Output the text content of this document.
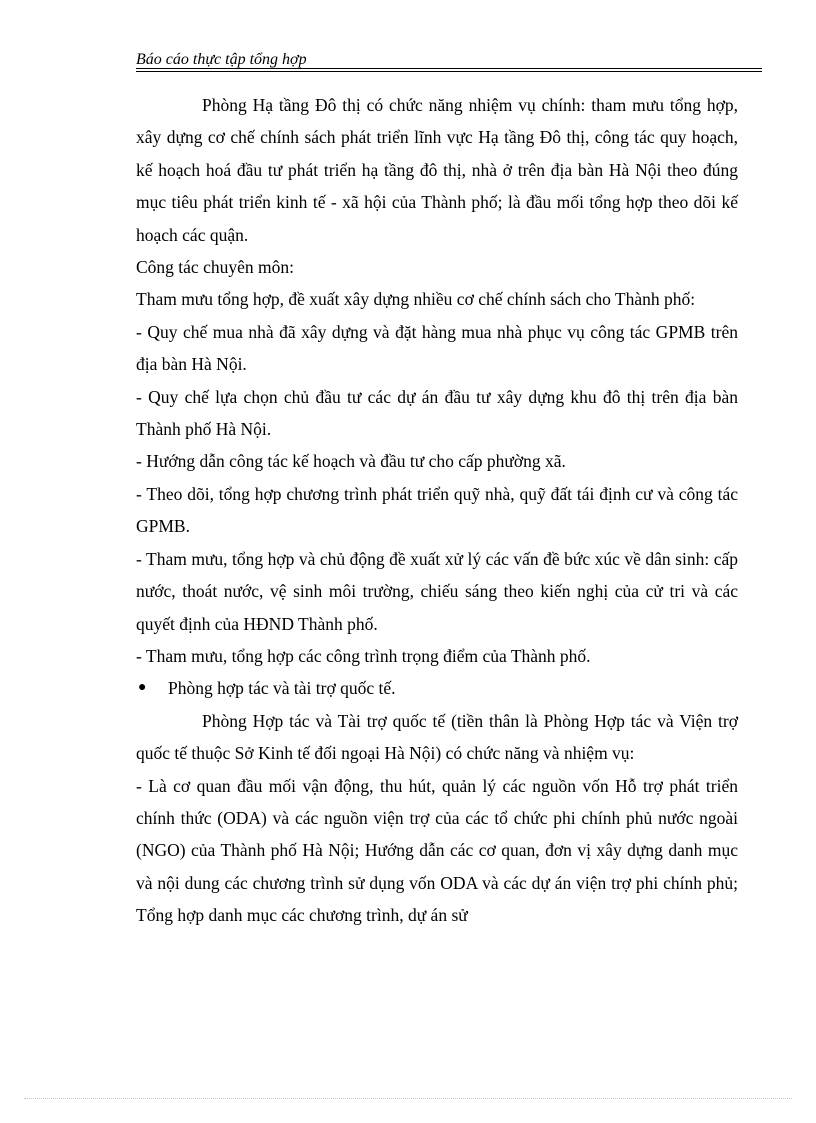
Báo cáo thực tập tổng hợp

Phòng Hạ tầng Đô thị có chức năng nhiệm vụ chính: tham mưu tổng hợp, xây dựng cơ chế chính sách phát triển lĩnh vực Hạ tầng Đô thị, công tác quy hoạch, kế hoạch hoá đầu tư phát triển hạ tầng đô thị, nhà ở trên địa bàn Hà Nội theo đúng mục tiêu phát triển kinh tế - xã hội của Thành phố; là đầu mối tổng hợp theo dõi kế hoạch các quận.

Công tác chuyên môn:

Tham mưu tổng hợp, đề xuất xây dựng nhiều cơ chế chính sách cho Thành phố:

- Quy chế mua nhà đã xây dựng và đặt hàng mua nhà phục vụ công tác GPMB trên địa bàn Hà Nội.

- Quy chế lựa chọn chủ đầu tư các dự án đầu tư xây dựng khu đô thị trên địa bàn Thành phố Hà Nội.

- Hướng dẫn công tác kế hoạch và đầu tư cho cấp phường xã.

- Theo dõi, tổng hợp chương trình phát triển quỹ nhà, quỹ đất tái định cư và công tác GPMB.

- Tham mưu, tổng hợp và chủ động đề xuất xử lý các vấn đề bức xúc về dân sinh: cấp nước, thoát nước, vệ sinh môi trường, chiếu sáng theo kiến nghị của cử tri và các quyết định của HĐND Thành phố.

- Tham mưu, tổng hợp các công trình trọng điểm của Thành phố.

● Phòng hợp tác và tài trợ quốc tế.

Phòng Hợp tác và Tài trợ quốc tế (tiền thân là Phòng Hợp tác và Viện trợ quốc tế thuộc Sở Kinh tế đối ngoại Hà Nội) có chức năng và nhiệm vụ:

- Là cơ quan đầu mối vận động, thu hút, quản lý các nguồn vốn Hỗ trợ phát triển chính thức (ODA) và các nguồn viện trợ của các tổ chức phi chính phủ nước ngoài (NGO) của Thành phố Hà Nội; Hướng dẫn các cơ quan, đơn vị xây dựng danh mục và nội dung các chương trình sử dụng vốn ODA và các dự án viện trợ phi chính phủ; Tổng hợp danh mục các chương trình, dự án sử
